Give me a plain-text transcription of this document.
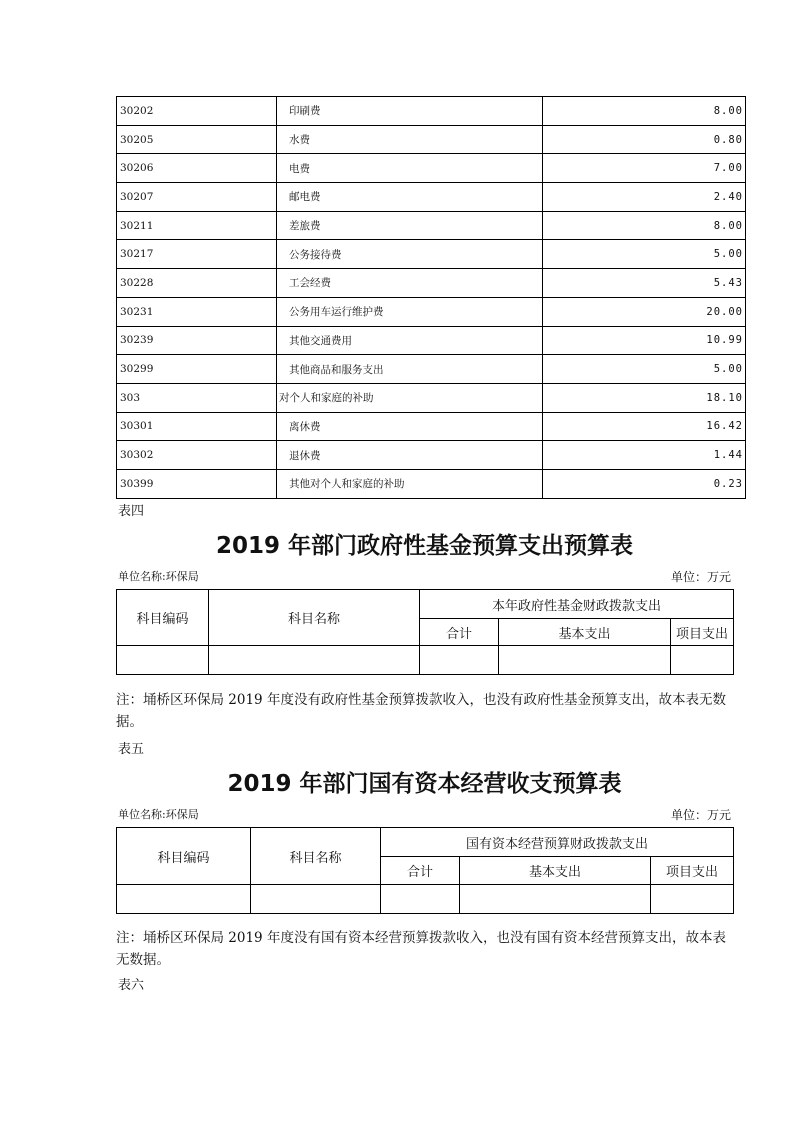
30202	印刷费	8.00
30205	水费	0.80
30206	电费	7.00
30207	邮电费	2.40
30211	差旅费	8.00
30217	公务接待费	5.00
30228	工会经费	5.43
30231	公务用车运行维护费	20.00
30239	其他交通费用	10.99
30299	其他商品和服务支出	5.00
303	对个人和家庭的补助	18.10
30301	离休费	16.42
30302	退休费	1.44
30399	其他对个人和家庭的补助	0.23
表四
2019 年部门政府性基金预算支出预算表
单位名称:环保局	单位：万元
科目编码	科目名称	本年政府性基金财政拨款支出		
		合计	基本支出	项目支出

注：埇桥区环保局 2019 年度没有政府性基金预算拨款收入，也没有政府性基金预算支出，故本表无数据。
表五
2019 年部门国有资本经营收支预算表
单位名称:环保局	单位：万元
科目编码	科目名称	国有资本经营预算财政拨款支出		
		合计	基本支出	项目支出

注：埇桥区环保局 2019 年度没有国有资本经营预算拨款收入，也没有国有资本经营预算支出，故本表无数据。
表六
